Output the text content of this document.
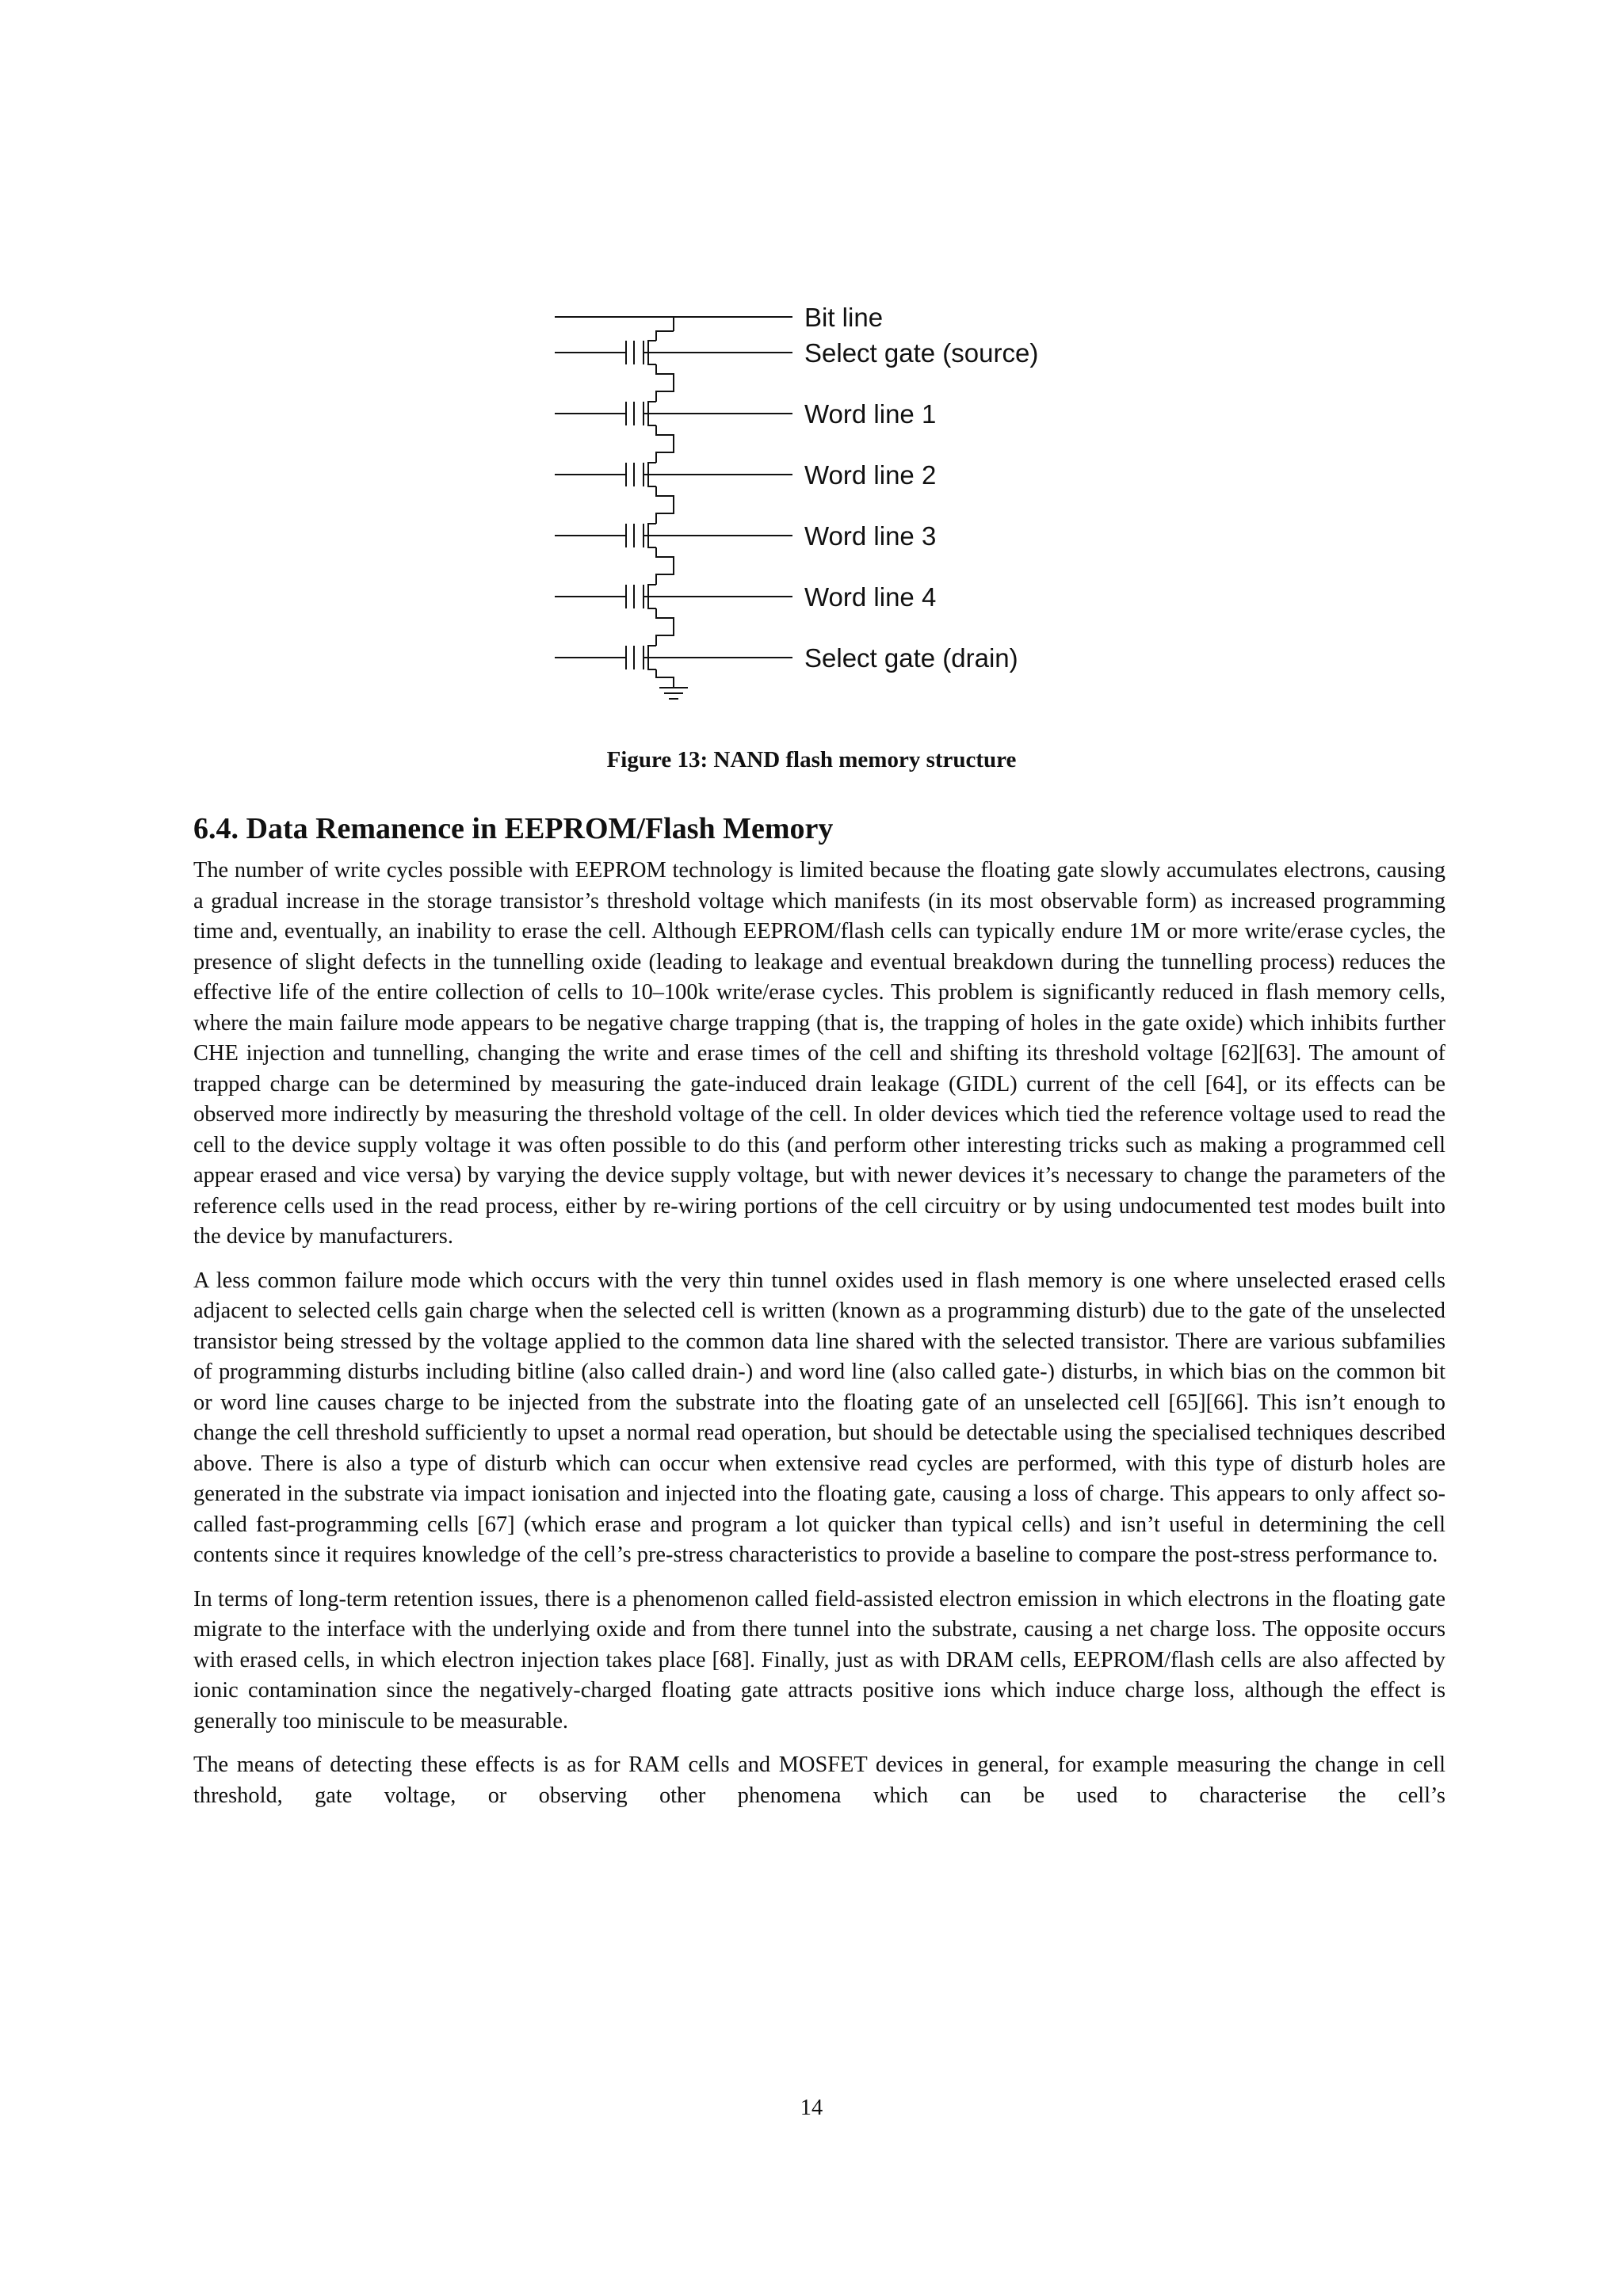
Bit line
Select gate (source)
Word line 1
Word line 2
Word line 3
Word line 4
Select gate (drain)
Figure 13: NAND flash memory structure
6.4. Data Remanence in EEPROM/Flash Memory

The number of write cycles possible with EEPROM technology is limited because the floating gate slowly accumulates electrons, causing a gradual increase in the storage transistor’s threshold voltage which manifests (in its most observable form) as increased programming time and, eventually, an inability to erase the cell. Although EEPROM/flash cells can typically endure 1M or more write/erase cycles, the presence of slight defects in the tunnelling oxide (leading to leakage and eventual breakdown during the tunnelling process) reduces the effective life of the entire collection of cells to 10–100k write/erase cycles. This problem is significantly reduced in flash memory cells, where the main failure mode appears to be negative charge trapping (that is, the trapping of holes in the gate oxide) which inhibits further CHE injection and tunnelling, changing the write and erase times of the cell and shifting its threshold voltage [62][63]. The amount of trapped charge can be determined by measuring the gate-induced drain leakage (GIDL) current of the cell [64], or its effects can be observed more indirectly by measuring the threshold voltage of the cell. In older devices which tied the reference voltage used to read the cell to the device supply voltage it was often possible to do this (and perform other interesting tricks such as making a programmed cell appear erased and vice versa) by varying the device supply voltage, but with newer devices it’s necessary to change the parameters of the reference cells used in the read process, either by re-wiring portions of the cell circuitry or by using undocumented test modes built into the device by manufacturers.

A less common failure mode which occurs with the very thin tunnel oxides used in flash memory is one where unselected erased cells adjacent to selected cells gain charge when the selected cell is written (known as a programming disturb) due to the gate of the unselected transistor being stressed by the voltage applied to the common data line shared with the selected transistor. There are various subfamilies of programming disturbs including bitline (also called drain-) and word line (also called gate-) disturbs, in which bias on the common bit or word line causes charge to be injected from the substrate into the floating gate of an unselected cell [65][66]. This isn’t enough to change the cell threshold sufficiently to upset a normal read operation, but should be detectable using the specialised techniques described above. There is also a type of disturb which can occur when extensive read cycles are performed, with this type of disturb holes are generated in the substrate via impact ionisation and injected into the floating gate, causing a loss of charge. This appears to only affect so-called fast-programming cells [67] (which erase and program a lot quicker than typical cells) and isn’t useful in determining the cell contents since it requires knowledge of the cell’s pre-stress characteristics to provide a baseline to compare the post-stress performance to.

In terms of long-term retention issues, there is a phenomenon called field-assisted electron emission in which electrons in the floating gate migrate to the interface with the underlying oxide and from there tunnel into the substrate, causing a net charge loss. The opposite occurs with erased cells, in which electron injection takes place [68]. Finally, just as with DRAM cells, EEPROM/flash cells are also affected by ionic contamination since the negatively-charged floating gate attracts positive ions which induce charge loss, although the effect is generally too miniscule to be measurable.

The means of detecting these effects is as for RAM cells and MOSFET devices in general, for example measuring the change in cell threshold, gate voltage, or observing other phenomena which can be used to characterise the cell’s

14
